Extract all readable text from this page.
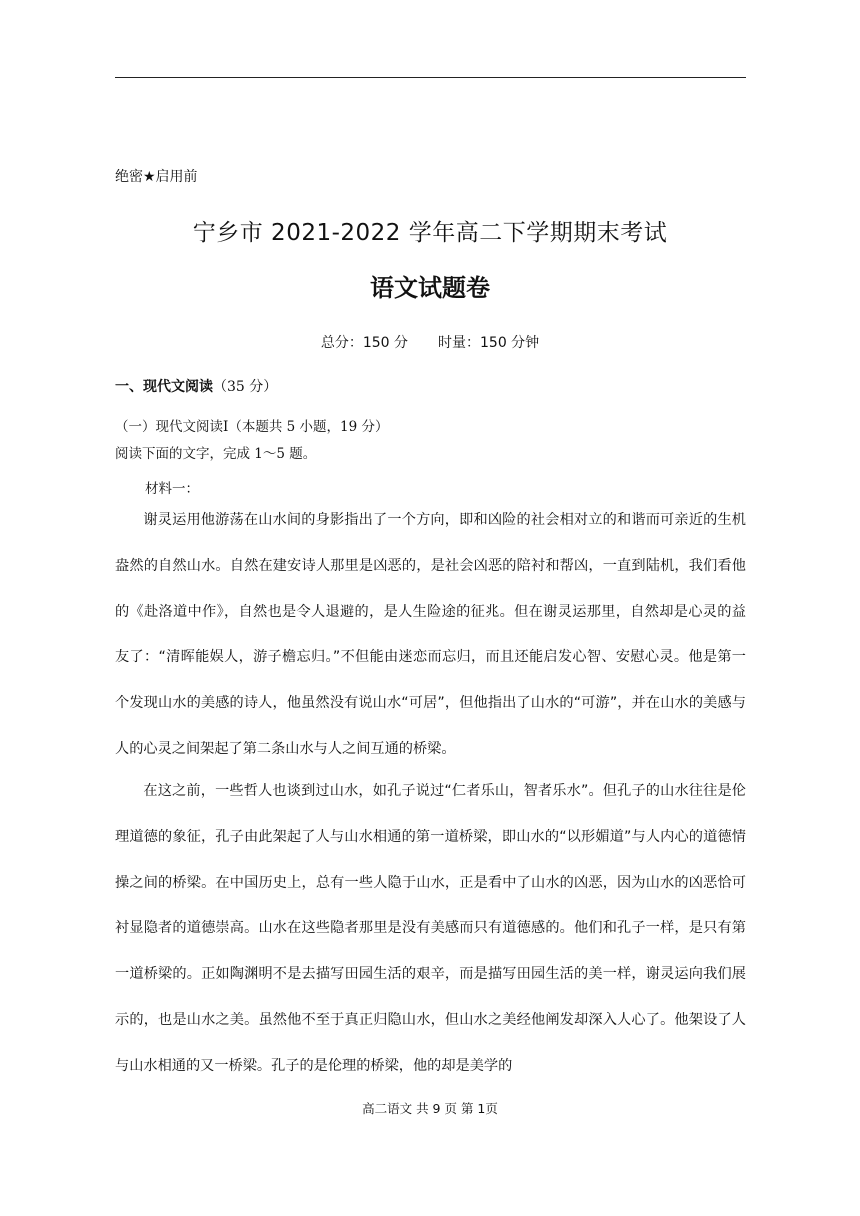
绝密★启用前
宁乡市 2021-2022 学年高二下学期期末考试
语文试题卷
总分：150 分 时量：150 分钟
一、现代文阅读（35 分）
（一）现代文阅读I（本题共 5 小题，19 分）
阅读下面的文字，完成 1～5 题。
材料一：

谢灵运用他游荡在山水间的身影指出了一个方向，即和凶险的社会相对立的和谐而可亲近的生机盎然的自然山水。自然在建安诗人那里是凶恶的，是社会凶恶的陪衬和帮凶，一直到陆机，我们看他的《赴洛道中作》，自然也是令人退避的，是人生险途的征兆。但在谢灵运那里，自然却是心灵的益友了：“清晖能娱人，游子檐忘归。”不但能由迷恋而忘归，而且还能启发心智、安慰心灵。他是第一个发现山水的美感的诗人，他虽然没有说山水“可居”，但他指出了山水的“可游”，并在山水的美感与人的心灵之间架起了第二条山水与人之间互通的桥梁。

在这之前，一些哲人也谈到过山水，如孔子说过“仁者乐山，智者乐水”。但孔子的山水往往是伦理道德的象征，孔子由此架起了人与山水相通的第一道桥梁，即山水的“以形媚道”与人内心的道德情操之间的桥梁。在中国历史上，总有一些人隐于山水，正是看中了山水的凶恶，因为山水的凶恶恰可衬显隐者的道德崇高。山水在这些隐者那里是没有美感而只有道德感的。他们和孔子一样，是只有第一道桥梁的。正如陶渊明不是去描写田园生活的艰辛，而是描写田园生活的美一样，谢灵运向我们展示的，也是山水之美。虽然他不至于真正归隐山水，但山水之美经他阐发却深入人心了。他架设了人与山水相通的又一桥梁。孔子的是伦理的桥梁，他的却是美学的

高二语文 共 9 页 第 1页
